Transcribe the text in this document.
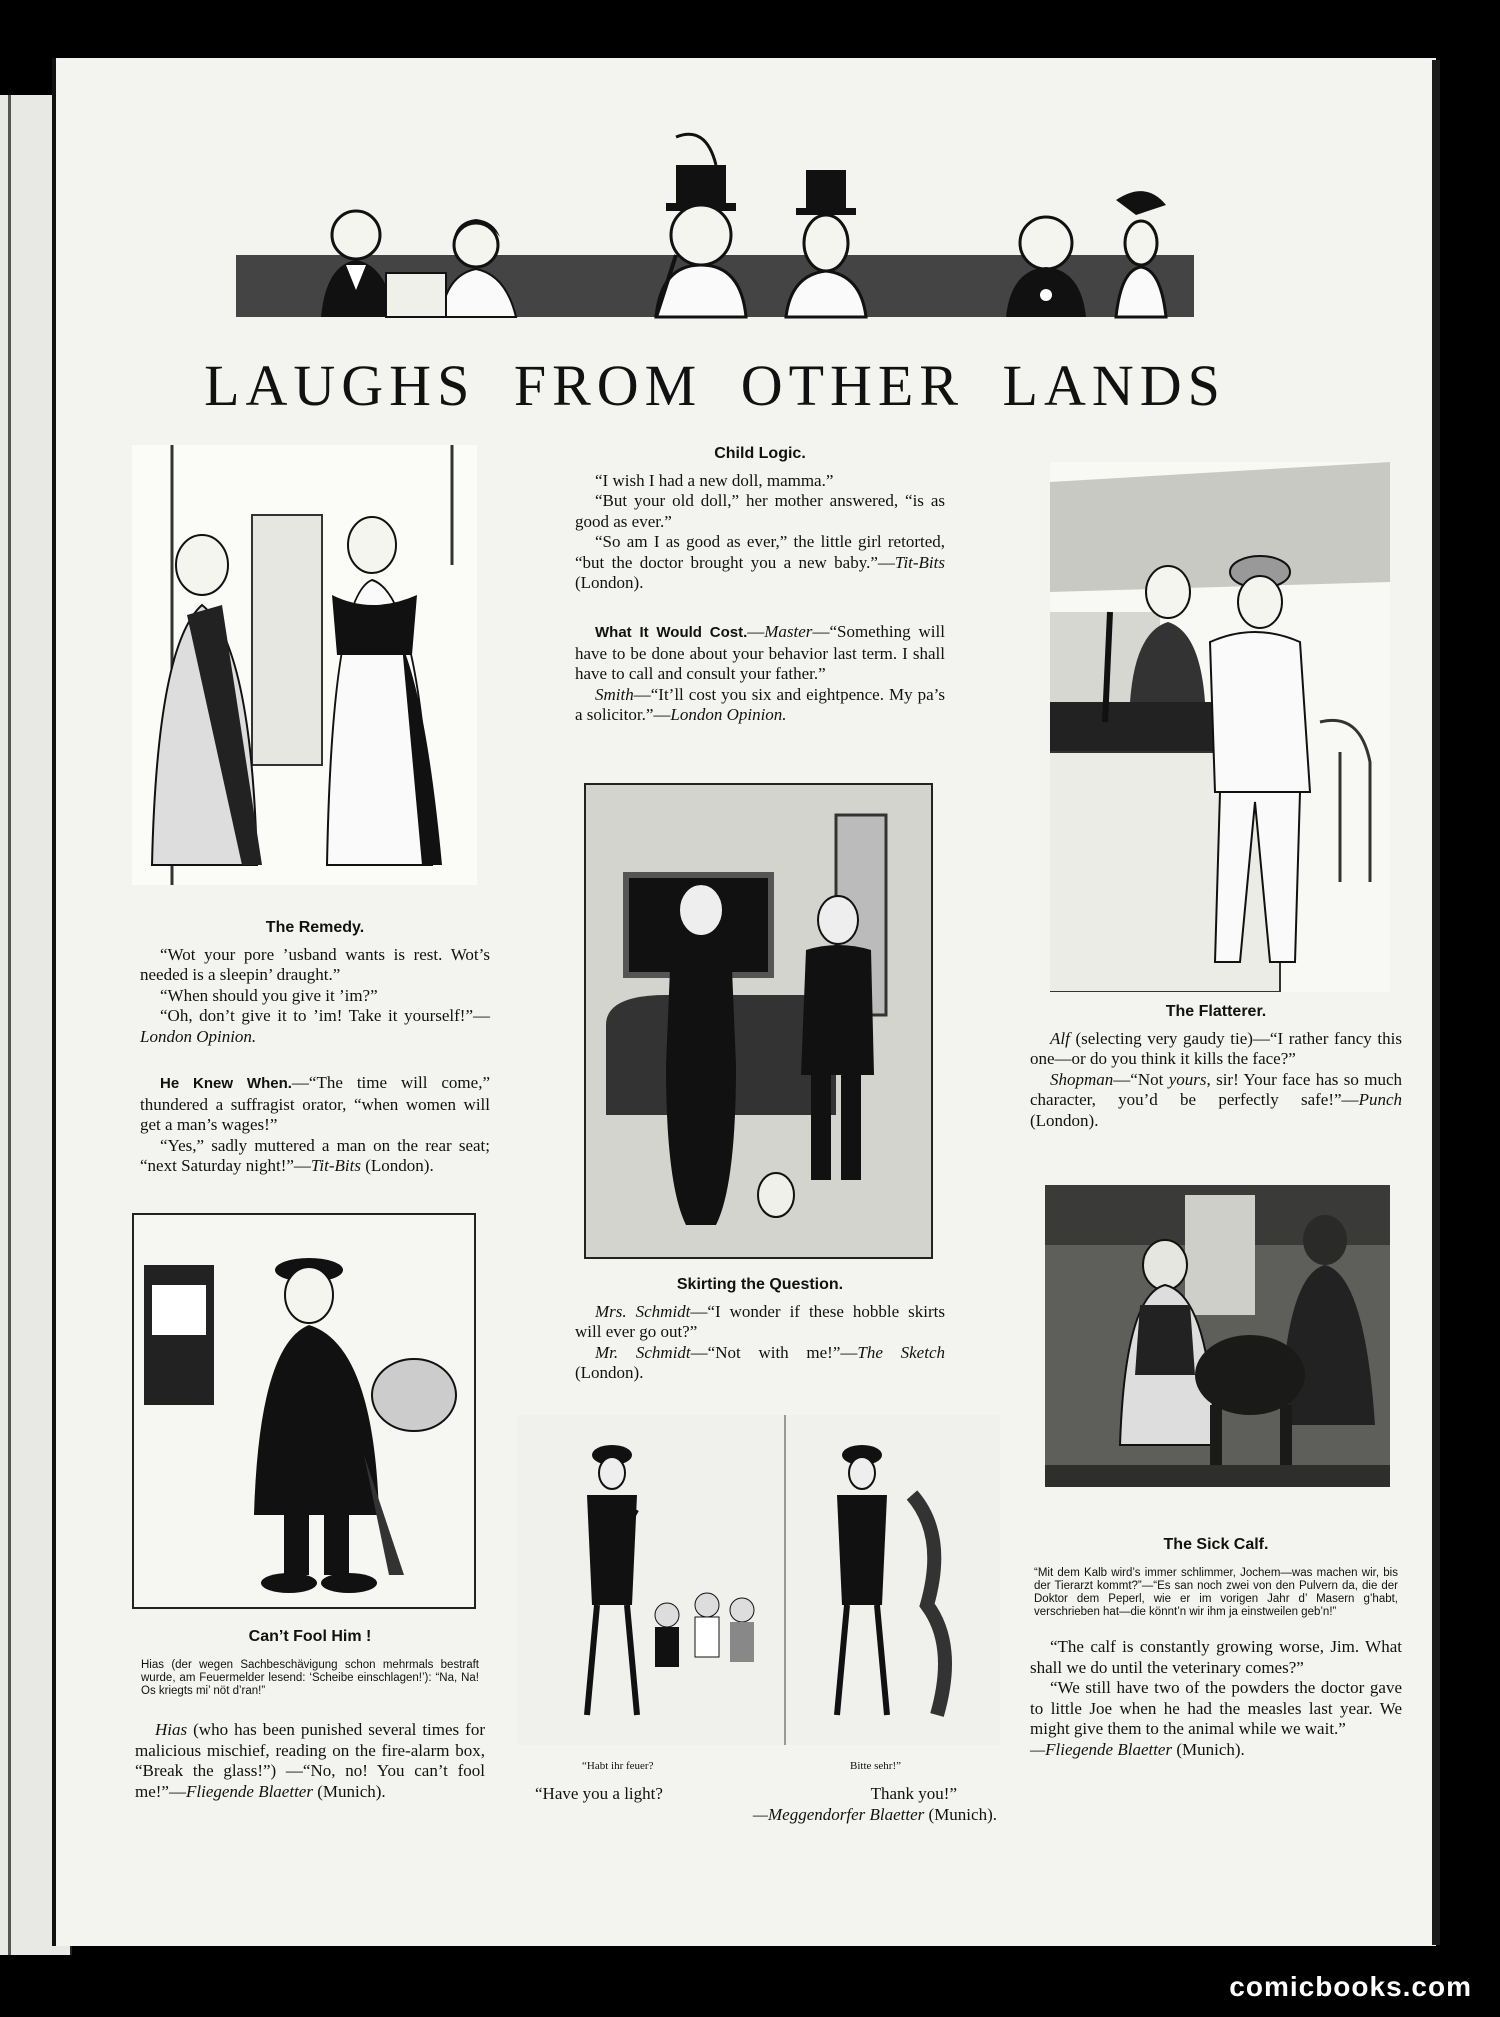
LAUGHS FROM OTHER LANDS

The Remedy.

“Wot your pore ’usband wants is rest. Wot’s needed is a sleepin’ draught.”

“When should you give it ’im?”

“Oh, don’t give it to ’im! Take it yourself!”—London Opinion.

He Knew When.—“The time will come,” thundered a suffragist orator, “when women will get a man’s wages!”

“Yes,” sadly muttered a man on the rear seat; “next Saturday night!”—Tit-Bits (London).

Can’t Fool Him !

Hias (der wegen Sachbeschävigung schon mehrmals bestraft wurde, am Feuermelder lesend: ‘Scheibe einschlagen!’): “Na, Na! Os kriegts mi’ nöt d’ran!”

Hias (who has been punished several times for malicious mischief, reading on the fire-alarm box, “Break the glass!”) —“No, no! You can’t fool me!”—Fliegende Blaetter (Munich).

Child Logic.

“I wish I had a new doll, mamma.”

“But your old doll,” her mother answered, “is as good as ever.”

“So am I as good as ever,” the little girl retorted, “but the doctor brought you a new baby.”—Tit-Bits (London).

What It Would Cost.—Master—“Something will have to be done about your behavior last term. I shall have to call and consult your father.”

Smith—“It’ll cost you six and eightpence. My pa’s a solicitor.”—London Opinion.

Skirting the Question.

Mrs. Schmidt—“I wonder if these hobble skirts will ever go out?”

Mr. Schmidt—“Not with me!”—The Sketch (London).

“Habt ihr feuer?	Bitte sehr!”
“Have you a light?	Thank you!”
—Meggendorfer Blaetter (Munich).

The Flatterer.

Alf (selecting very gaudy tie)—“I rather fancy this one—or do you think it kills the face?”

Shopman—“Not yours, sir! Your face has so much character, you’d be perfectly safe!”—Punch (London).

The Sick Calf.

“Mit dem Kalb wird’s immer schlimmer, Jochem—was machen wir, bis der Tierarzt kommt?”—“Es san noch zwei von den Pulvern da, die der Doktor dem Peperl, wie er im vorigen Jahr d’ Masern g’habt, verschrieben hat—die könnt’n wir ihm ja einstweilen geb’n!”

“The calf is constantly growing worse, Jim. What shall we do until the veterinary comes?”

“We still have two of the powders the doctor gave to little Joe when he had the measles last year. We might give them to the animal while we wait.”
—Fliegende Blaetter (Munich).

comicbooks.com
